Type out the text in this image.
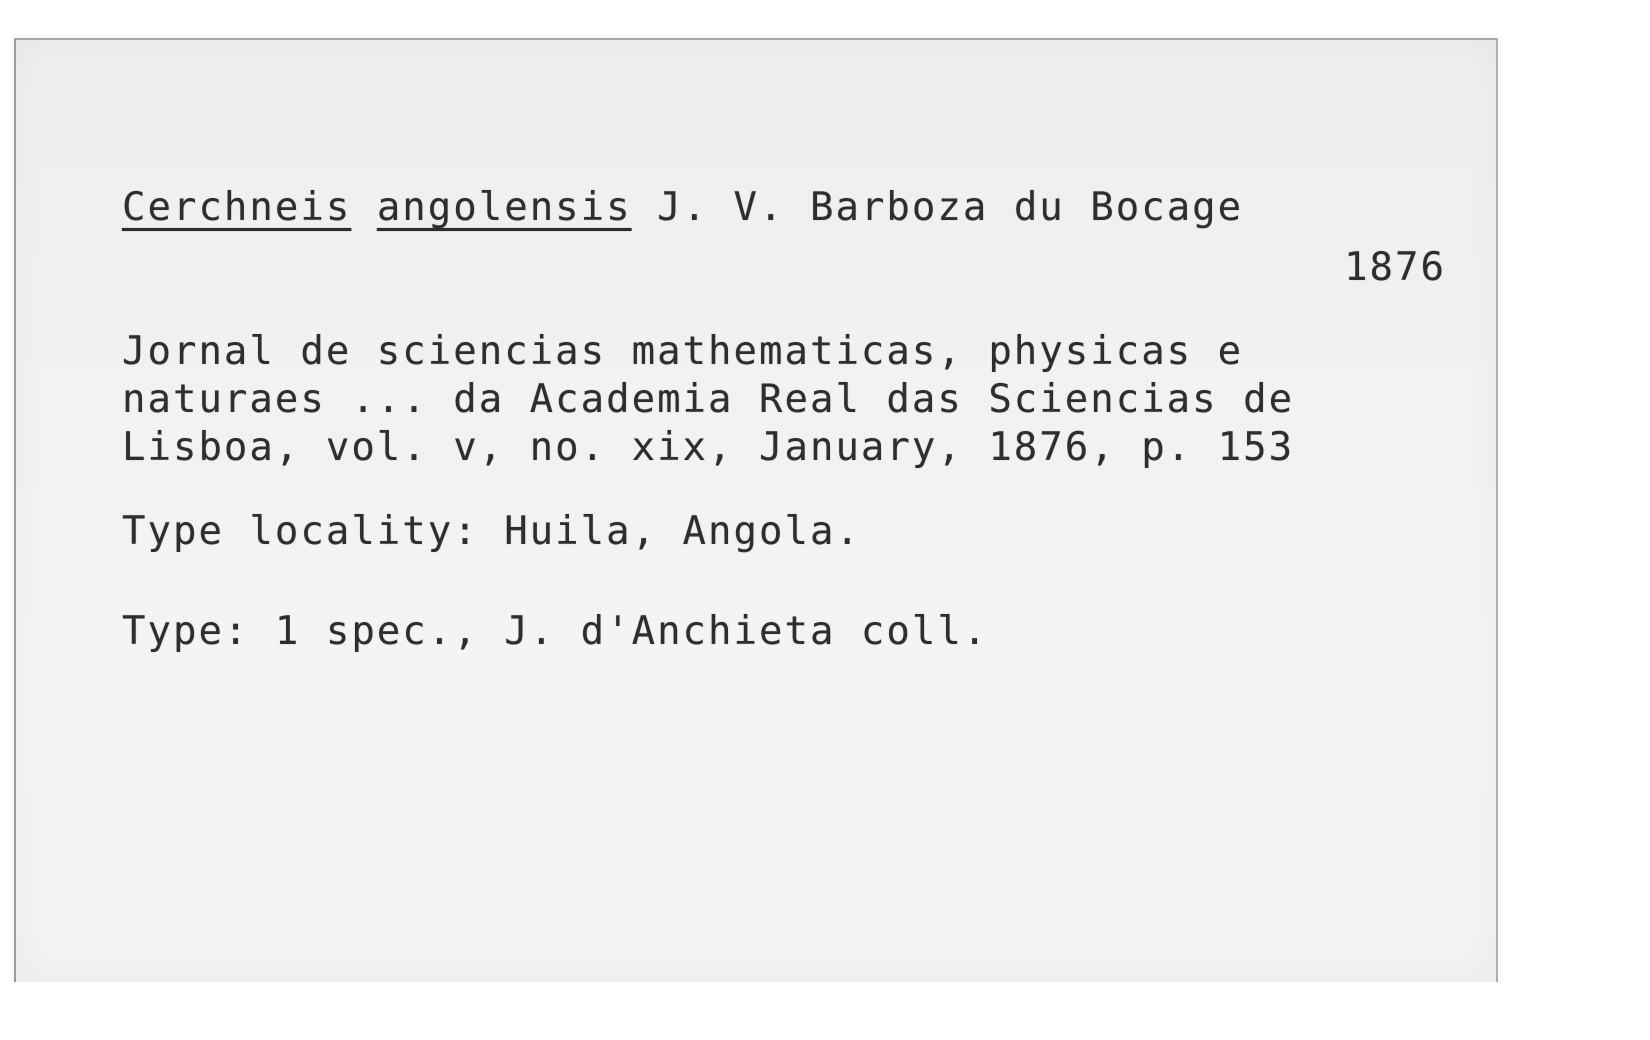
Cerchneis angolensis J. V. Barboza du Bocage
1876
Jornal de sciencias mathematicas, physicas e
naturaes ... da Academia Real das Sciencias de
Lisboa, vol. v, no. xix, January, 1876, p. 153
Type locality: Huila, Angola.
Type: 1 spec., J. d'Anchieta coll.
